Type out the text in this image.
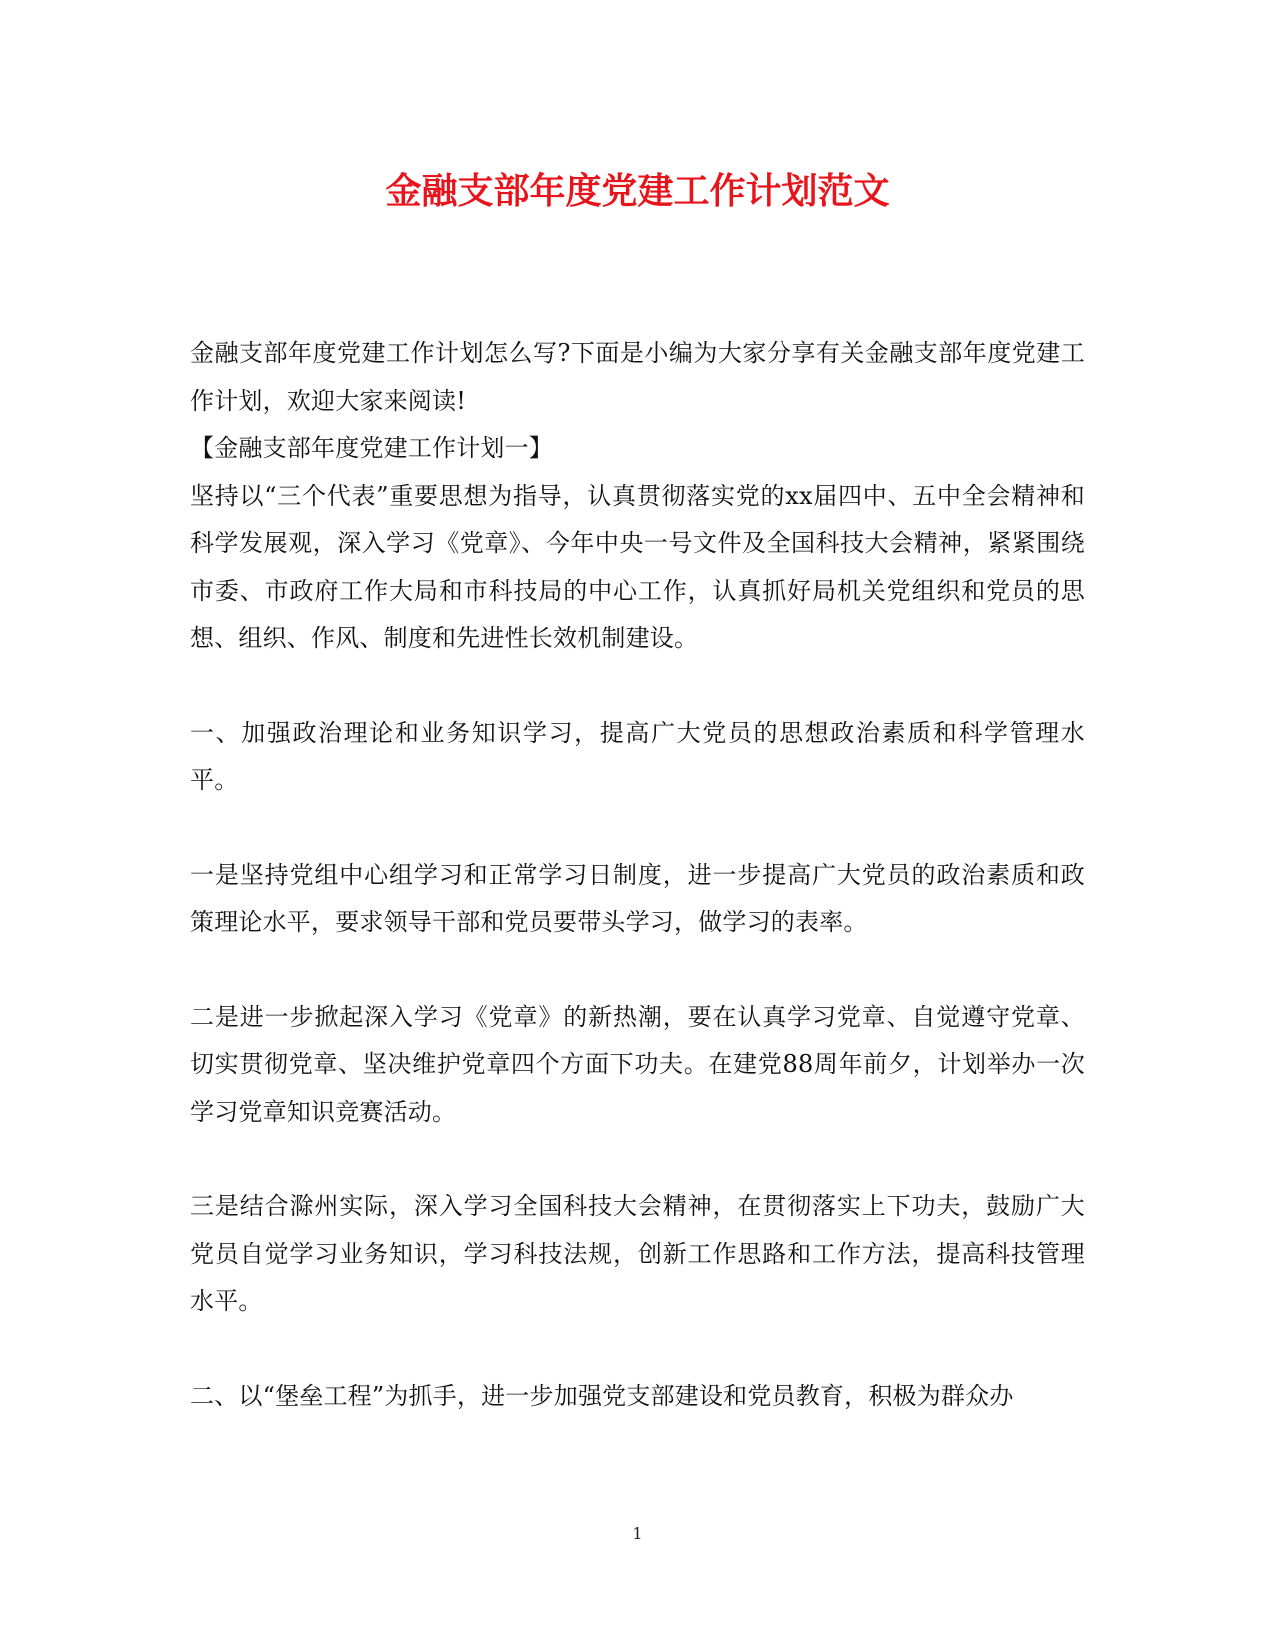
金融支部年度党建工作计划范文

金融支部年度党建工作计划怎么写?下面是小编为大家分享有关金融支部年度党建工作计划，欢迎大家来阅读!

【金融支部年度党建工作计划一】

坚持以“三个代表”重要思想为指导，认真贯彻落实党的xx届四中、五中全会精神和科学发展观，深入学习《党章》、今年中央一号文件及全国科技大会精神，紧紧围绕市委、市政府工作大局和市科技局的中心工作，认真抓好局机关党组织和党员的思想、组织、作风、制度和先进性长效机制建设。

一、加强政治理论和业务知识学习，提高广大党员的思想政治素质和科学管理水平。

一是坚持党组中心组学习和正常学习日制度，进一步提高广大党员的政治素质和政策理论水平，要求领导干部和党员要带头学习，做学习的表率。

二是进一步掀起深入学习《党章》的新热潮，要在认真学习党章、自觉遵守党章、切实贯彻党章、坚决维护党章四个方面下功夫。在建党88周年前夕，计划举办一次学习党章知识竞赛活动。

三是结合滁州实际，深入学习全国科技大会精神，在贯彻落实上下功夫，鼓励广大党员自觉学习业务知识，学习科技法规，创新工作思路和工作方法，提高科技管理水平。

二、以“堡垒工程”为抓手，进一步加强党支部建设和党员教育，积极为群众办

1
